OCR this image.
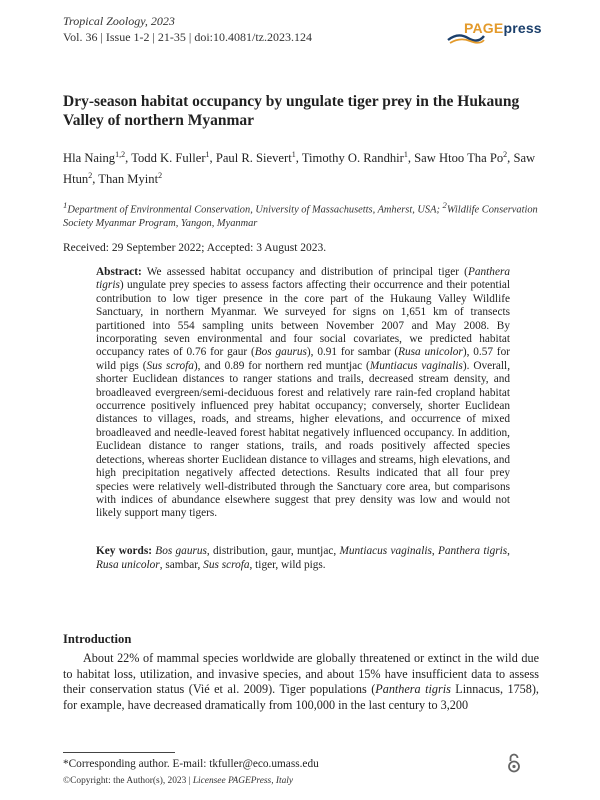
Tropical Zoology, 2023
Vol. 36 | Issue 1-2 | 21-35 | doi:10.4081/tz.2023.124
PAGEpress
Dry-season habitat occupancy by ungulate tiger prey in the Hukaung Valley of northern Myanmar
Hla Naing$^{1,2}$, Todd K. Fuller$^1$, Paul R. Sievert$^1$, Timothy O. Randhir$^1$, Saw Htoo Tha Po$^2$, Saw Htun$^2$, Than Myint$^2$
$^1$Department of Environmental Conservation, University of Massachusetts, Amherst, USA; $^2$Wildlife Conservation Society Myanmar Program, Yangon, Myanmar
Received: 29 September 2022; Accepted: 3 August 2023.
Abstract: We assessed habitat occupancy and distribution of principal tiger (Panthera tigris) ungulate prey species to assess factors affecting their occurrence and their potential contribution to low tiger presence in the core part of the Hukaung Valley Wildlife Sanctuary, in northern Myanmar. We surveyed for signs on 1,651 km of transects partitioned into 554 sampling units between November 2007 and May 2008. By incorporating seven environmental and four social covariates, we predicted habitat occupancy rates of 0.76 for gaur (Bos gaurus), 0.91 for sambar (Rusa unicolor), 0.57 for wild pigs (Sus scrofa), and 0.89 for northern red muntjac (Muntiacus vaginalis). Overall, shorter Euclidean distances to ranger stations and trails, decreased stream density, and broadleaved evergreen/semi-deciduous forest and relatively rare rain-fed cropland habitat occurrence positively influenced prey habitat occupancy; conversely, shorter Euclidean distances to villages, roads, and streams, higher elevations, and occurrence of mixed broadleaved and needle-leaved forest habitat negatively influenced occupancy. In addition, Euclidean distance to ranger stations, trails, and roads positively affected species detections, whereas shorter Euclidean distance to villages and streams, high elevations, and high precipitation negatively affected detections. Results indicated that all four prey species were relatively well-distributed through the Sanctuary core area, but comparisons with indices of abundance elsewhere suggest that prey density was low and would not likely support many tigers.
Key words: Bos gaurus, distribution, gaur, muntjac, Muntiacus vaginalis, Panthera tigris, Rusa unicolor, sambar, Sus scrofa, tiger, wild pigs.
Introduction
About 22% of mammal species worldwide are globally threatened or extinct in the wild due to habitat loss, utilization, and invasive species, and about 15% have insufficient data to assess their conservation status (Vié et al. 2009). Tiger populations (Panthera tigris Linnacus, 1758), for example, have decreased dramatically from 100,000 in the last century to 3,200
*Corresponding author. E-mail: tkfuller@eco.umass.edu
©Copyright: the Author(s), 2023 | Licensee PAGEPress, Italy
